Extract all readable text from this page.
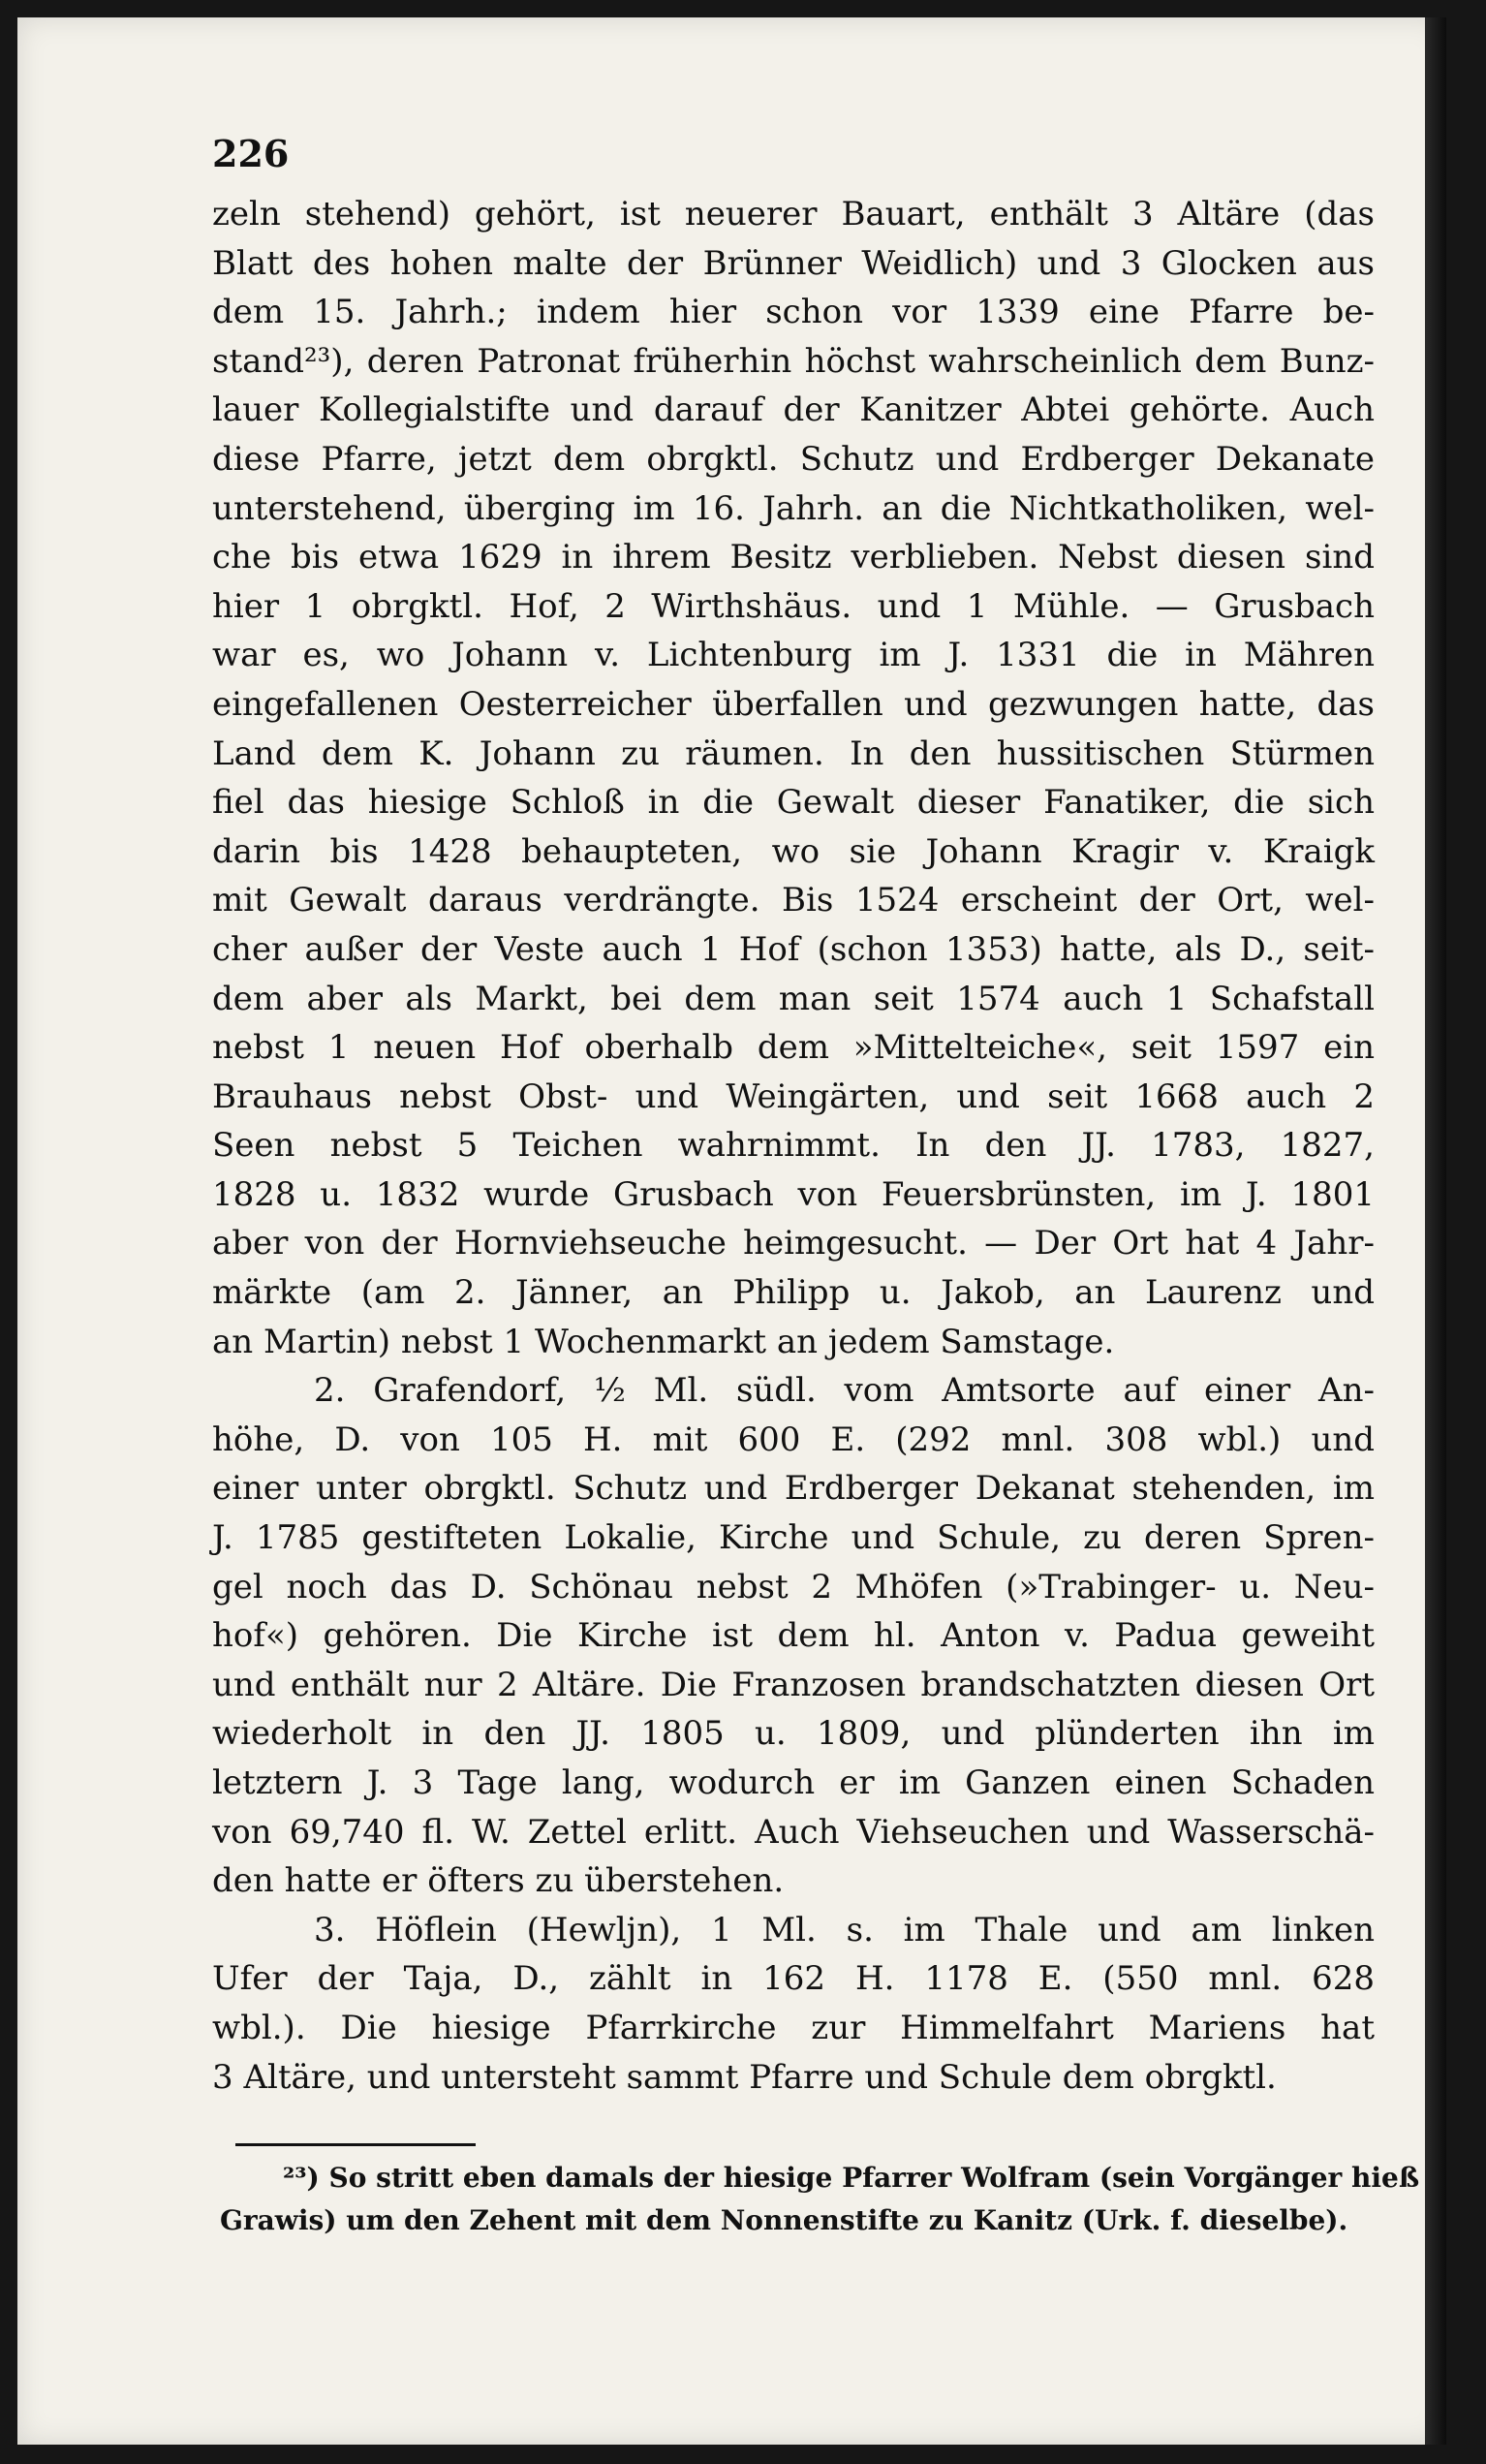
226
zeln stehend) gehört, ist neuerer Bauart, enthält 3 Altäre (das
Blatt des hohen malte der Brünner Weidlich) und 3 Glocken aus
dem 15. Jahrh.; indem hier schon vor 1339 eine Pfarre be-
stand²³), deren Patronat früherhin höchst wahrscheinlich dem Bunz-
lauer Kollegialstifte und darauf der Kanitzer Abtei gehörte. Auch
diese Pfarre, jetzt dem obrgktl. Schutz und Erdberger Dekanate
unterstehend, überging im 16. Jahrh. an die Nichtkatholiken, wel-
che bis etwa 1629 in ihrem Besitz verblieben. Nebst diesen sind
hier 1 obrgktl. Hof, 2 Wirthshäus. und 1 Mühle. — Grusbach
war es, wo Johann v. Lichtenburg im J. 1331 die in Mähren
eingefallenen Oesterreicher überfallen und gezwungen hatte, das
Land dem K. Johann zu räumen. In den hussitischen Stürmen
fiel das hiesige Schloß in die Gewalt dieser Fanatiker, die sich
darin bis 1428 behaupteten, wo sie Johann Kragir v. Kraigk
mit Gewalt daraus verdrängte. Bis 1524 erscheint der Ort, wel-
cher außer der Veste auch 1 Hof (schon 1353) hatte, als D., seit-
dem aber als Markt, bei dem man seit 1574 auch 1 Schafstall
nebst 1 neuen Hof oberhalb dem »Mittelteiche«, seit 1597 ein
Brauhaus nebst Obst- und Weingärten, und seit 1668 auch 2
Seen nebst 5 Teichen wahrnimmt. In den JJ. 1783, 1827,
1828 u. 1832 wurde Grusbach von Feuersbrünsten, im J. 1801
aber von der Hornviehseuche heimgesucht. — Der Ort hat 4 Jahr-
märkte (am 2. Jänner, an Philipp u. Jakob, an Laurenz und
an Martin) nebst 1 Wochenmarkt an jedem Samstage.
2. Grafendorf, ½ Ml. südl. vom Amtsorte auf einer An-
höhe, D. von 105 H. mit 600 E. (292 mnl. 308 wbl.) und
einer unter obrgktl. Schutz und Erdberger Dekanat stehenden, im
J. 1785 gestifteten Lokalie, Kirche und Schule, zu deren Spren-
gel noch das D. Schönau nebst 2 Mhöfen (»Trabinger- u. Neu-
hof«) gehören. Die Kirche ist dem hl. Anton v. Padua geweiht
und enthält nur 2 Altäre. Die Franzosen brandschatzten diesen Ort
wiederholt in den JJ. 1805 u. 1809, und plünderten ihn im
letztern J. 3 Tage lang, wodurch er im Ganzen einen Schaden
von 69,740 fl. W. Zettel erlitt. Auch Viehseuchen und Wasserschä-
den hatte er öfters zu überstehen.
3. Höflein (Hewljn), 1 Ml. s. im Thale und am linken
Ufer der Taja, D., zählt in 162 H. 1178 E. (550 mnl. 628
wbl.). Die hiesige Pfarrkirche zur Himmelfahrt Mariens hat
3 Altäre, und untersteht sammt Pfarre und Schule dem obrgktl.
²³) So stritt eben damals der hiesige Pfarrer Wolfram (sein Vorgänger hieß
Grawis) um den Zehent mit dem Nonnenstifte zu Kanitz (Urk. f. dieselbe).
